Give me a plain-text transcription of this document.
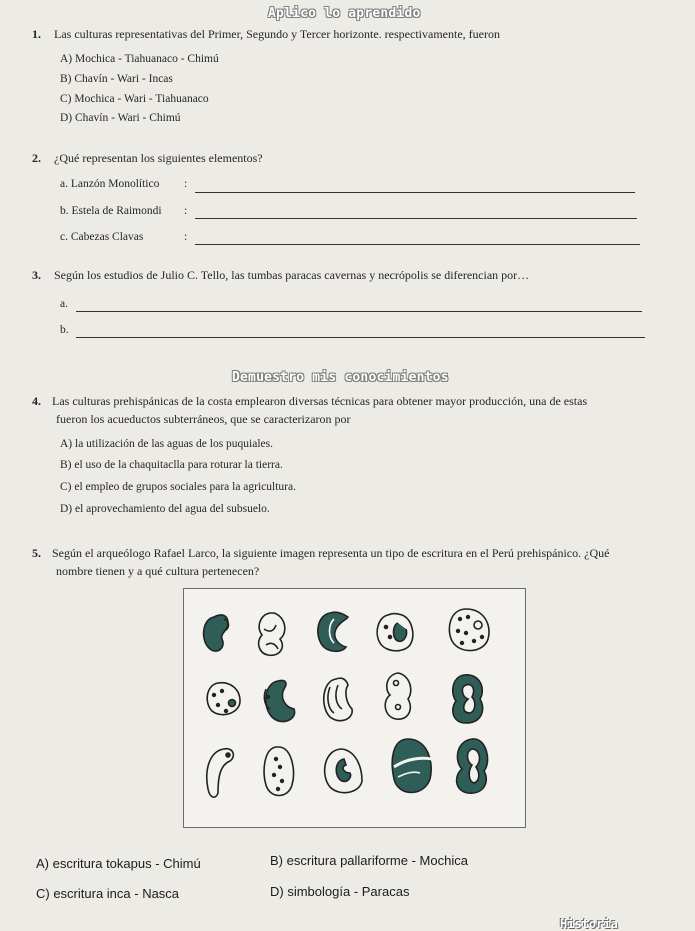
Aplico lo aprendido
1. Las culturas representativas del Primer, Segundo y Tercer horizonte. respectivamente, fueron
A) Mochica - Tiahuanaco - Chimú
B) Chavín - Wari - Incas
C) Mochica - Wari - Tiahuanaco
D) Chavín - Wari - Chimú
2. ¿Qué representan los siguientes elementos?
a. Lanzón Monolítico :
b. Estela de Raimondi :
c. Cabezas Clavas	:
3. Según los estudios de Julio C. Tello, las tumbas paracas cavernas y necrópolis se diferencian por…
a.
b.
Demuestro mis conocimientos
4. Las culturas prehispánicas de la costa emplearon diversas técnicas para obtener mayor producción, una de estas
fueron los acueductos subterráneos, que se caracterizaron por
A) la utilización de las aguas de los puquiales.
B) el uso de la chaquitaclla para roturar la tierra.
C) el empleo de grupos sociales para la agricultura.
D) el aprovechamiento del agua del subsuelo.
5. Según el arqueólogo Rafael Larco, la siguiente imagen representa un tipo de escritura en el Perú prehispánico. ¿Qué
nombre tienen y a qué cultura pertenecen?
A) escritura tokapus - Chimú	B) escritura pallariforme - Mochica
C) escritura inca - Nasca	D) simbología - Paracas
Historia
